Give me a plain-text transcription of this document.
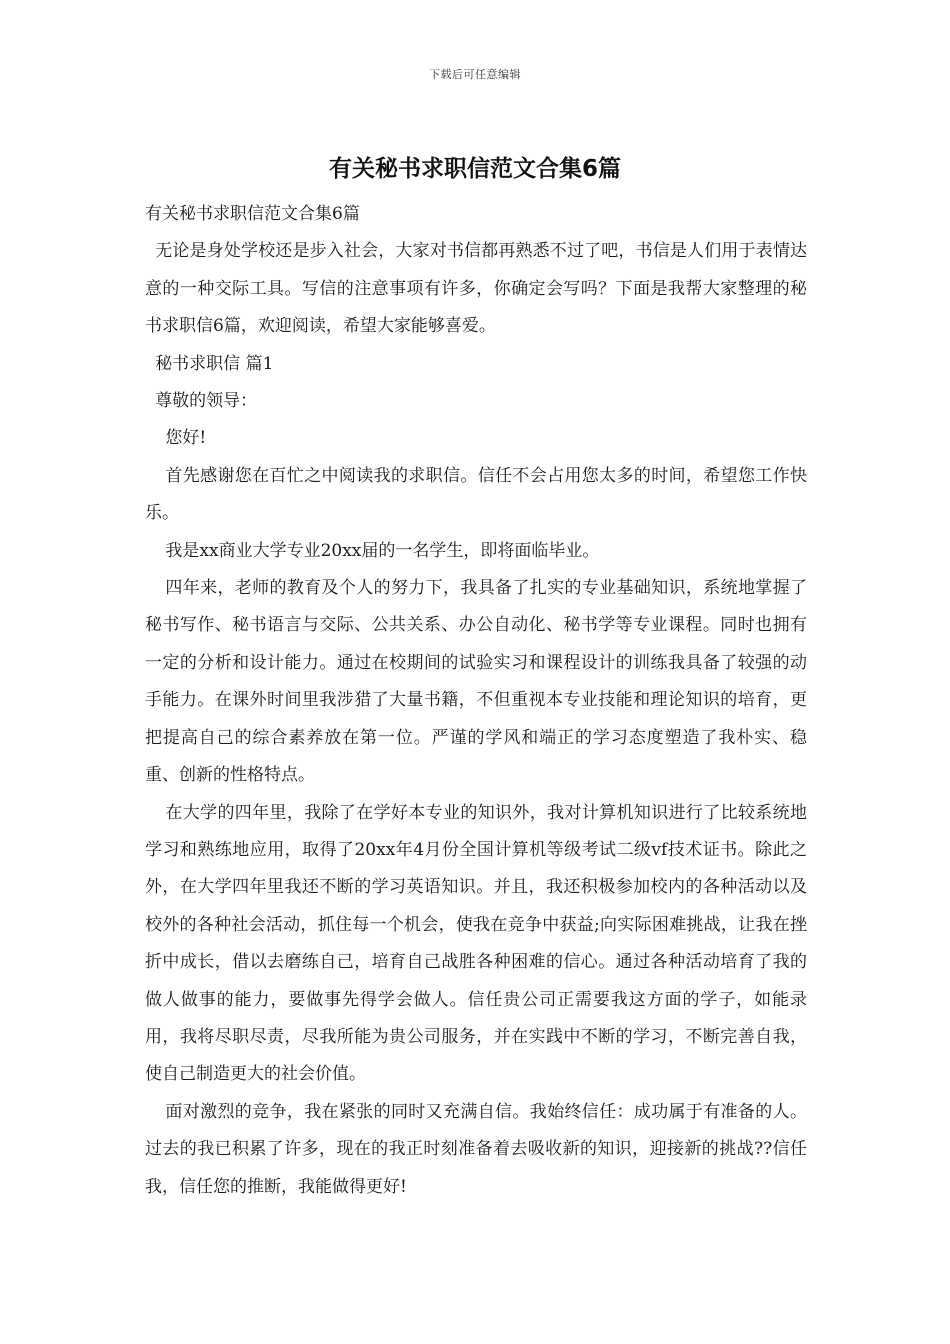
下载后可任意编辑
有关秘书求职信范文合集6篇

有关秘书求职信范文合集6篇

无论是身处学校还是步入社会，大家对书信都再熟悉不过了吧，书信是人们用于表情达意的一种交际工具。写信的注意事项有许多，你确定会写吗？下面是我帮大家整理的秘书求职信6篇，欢迎阅读，希望大家能够喜爱。

秘书求职信 篇1

尊敬的领导：

您好!

首先感谢您在百忙之中阅读我的求职信。信任不会占用您太多的时间，希望您工作快乐。

我是xx商业大学专业20xx届的一名学生，即将面临毕业。

四年来，老师的教育及个人的努力下，我具备了扎实的专业基础知识，系统地掌握了秘书写作、秘书语言与交际、公共关系、办公自动化、秘书学等专业课程。同时也拥有一定的分析和设计能力。通过在校期间的试验实习和课程设计的训练我具备了较强的动手能力。在课外时间里我涉猎了大量书籍，不但重视本专业技能和理论知识的培育，更把提高自己的综合素养放在第一位。严谨的学风和端正的学习态度塑造了我朴实、稳重、创新的性格特点。

在大学的四年里，我除了在学好本专业的知识外，我对计算机知识进行了比较系统地学习和熟练地应用，取得了20xx年4月份全国计算机等级考试二级vf技术证书。除此之外，在大学四年里我还不断的学习英语知识。并且，我还积极参加校内的各种活动以及校外的各种社会活动，抓住每一个机会，使我在竞争中获益;向实际困难挑战，让我在挫折中成长，借以去磨练自己，培育自己战胜各种困难的信心。通过各种活动培育了我的做人做事的能力，要做事先得学会做人。信任贵公司正需要我这方面的学子，如能录用，我将尽职尽责，尽我所能为贵公司服务，并在实践中不断的学习，不断完善自我，使自己制造更大的社会价值。

面对激烈的竞争，我在紧张的同时又充满自信。我始终信任：成功属于有准备的人。过去的我已积累了许多，现在的我正时刻准备着去吸收新的知识，迎接新的挑战??信任我，信任您的推断，我能做得更好!
